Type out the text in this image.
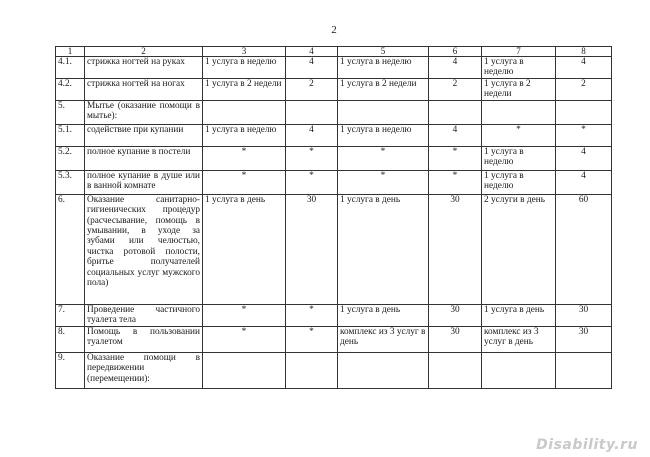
2
1	2	3	4	5	6	7	8
4.1.	стрижка ногтей на руках	1 услуга в неделю	4	1 услуга в неделю	4	1 услуга в неделю	4
4.2.	стрижка ногтей на ногах	1 услуга в 2 недели	2	1 услуга в 2 недели	2	1 услуга в 2 недели	2
5.	Мытье (оказание помощи в мытье):						
5.1.	содействие при купании	1 услуга в неделю	4	1 услуга в неделю	4	*	*
5.2.	полное купание в постели	*	*	*	*	1 услуга в неделю	4
5.3.	полное купание в душе или в ванной комнате	*	*	*	*	1 услуга в неделю	4
6.	Оказание санитарно-гигиенических процедур (расчесывание, помощь в умывании, в уходе за зубами или челюстью, чистка ротовой полости, бритье получателей социальных услуг мужского пола)	1 услуга в день	30	1 услуга в день	30	2 услуги в день	60
7.	Проведение частичного туалета тела	*	*	1 услуга в день	30	1 услуга в день	30
8.	Помощь в пользовании туалетом	*	*	комплекс из 3 услуг в день	30	комплекс из 3 услуг в день	30
9.	Оказание помощи в передвижении (перемещении):						
Disability.ru
